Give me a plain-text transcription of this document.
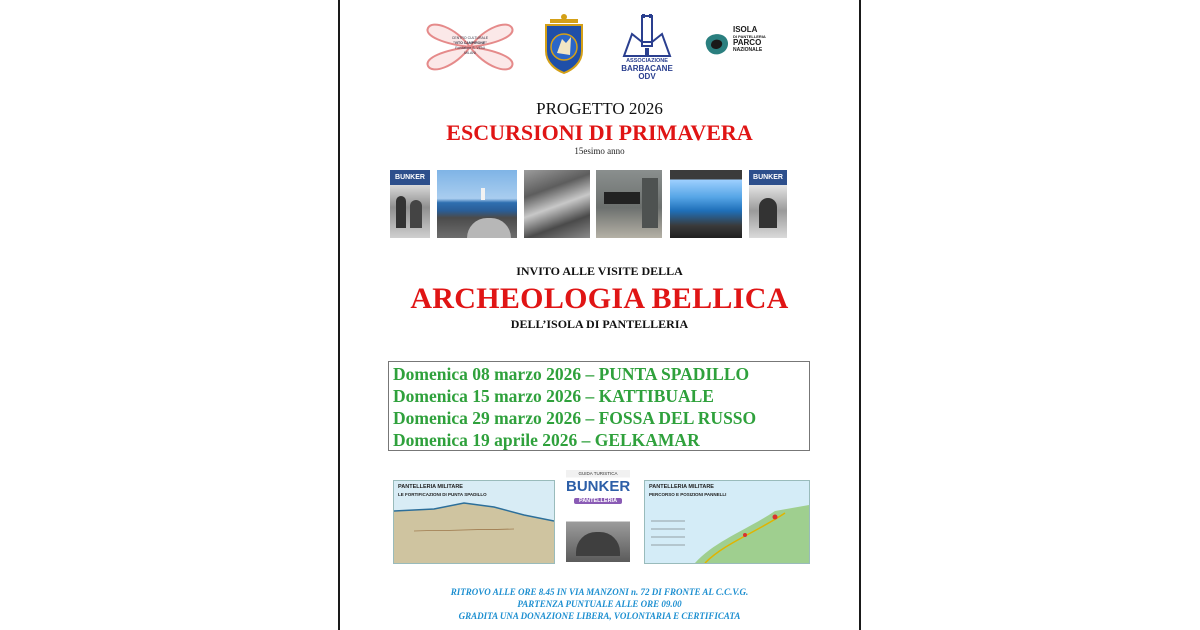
CENTRO CULTURALE
"VITO CAMPIRONE"
Fondatore S. VENI
MILANI
ASSOCIAZIONE
BARBACANE ODV
ISOLA
DI PANTELLERIA
PARCO
NAZIONALE
PROGETTO 2026
ESCURSIONI DI PRIMAVERA
15esimo anno
BUNKER	BUNKER
INVITO ALLE VISITE DELLA
ARCHEOLOGIA BELLICA
DELL’ISOLA DI PANTELLERIA
Domenica 08 marzo 2026 – PUNTA SPADILLO
Domenica 15 marzo 2026 – KATTIBUALE
Domenica 29 marzo 2026 – FOSSA DEL RUSSO
Domenica 19 aprile 2026 – GELKAMAR
PANTELLERIA MILITARE
LE FORTIFICAZIONI DI PUNTA SPADILLO
GUIDA TURISTICA
BUNKER
PANTELLERIA
PANTELLERIA MILITARE
PERCORSO E POSIZIONI PANNELLI
RITROVO ALLE ORE 8.45 IN VIA MANZONI n. 72 DI FRONTE AL C.C.V.G.
PARTENZA PUNTUALE ALLE ORE 09.00
GRADITA UNA DONAZIONE LIBERA, VOLONTARIA E CERTIFICATA
